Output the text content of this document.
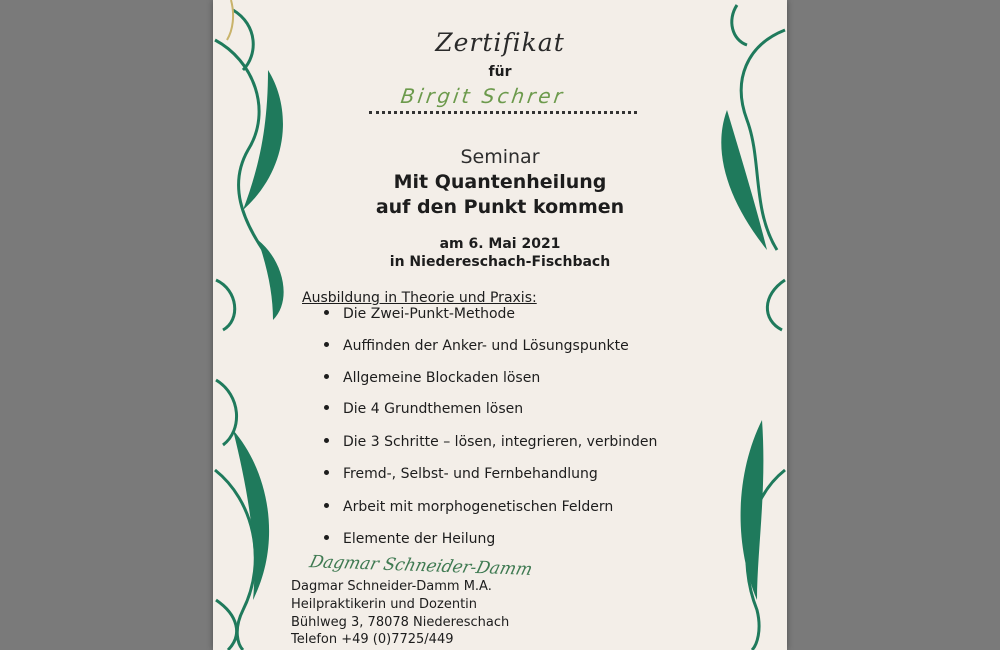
Zertifikat
für
Birgit Schrer
Seminar
Mit Quantenheilung
auf den Punkt kommen
am 6. Mai 2021
in Niedereschach-Fischbach
Ausbildung in Theorie und Praxis:
Die Zwei-Punkt-Methode
Auffinden der Anker- und Lösungspunkte
Allgemeine Blockaden lösen
Die 4 Grundthemen lösen
Die 3 Schritte – lösen, integrieren, verbinden
Fremd-, Selbst- und Fernbehandlung
Arbeit mit morphogenetischen Feldern
Elemente der Heilung
Dagmar Schneider-Damm
Dagmar Schneider-Damm M.A.
Heilpraktikerin und Dozentin
Bühlweg 3, 78078 Niedereschach
Telefon +49 (0)7725/449
